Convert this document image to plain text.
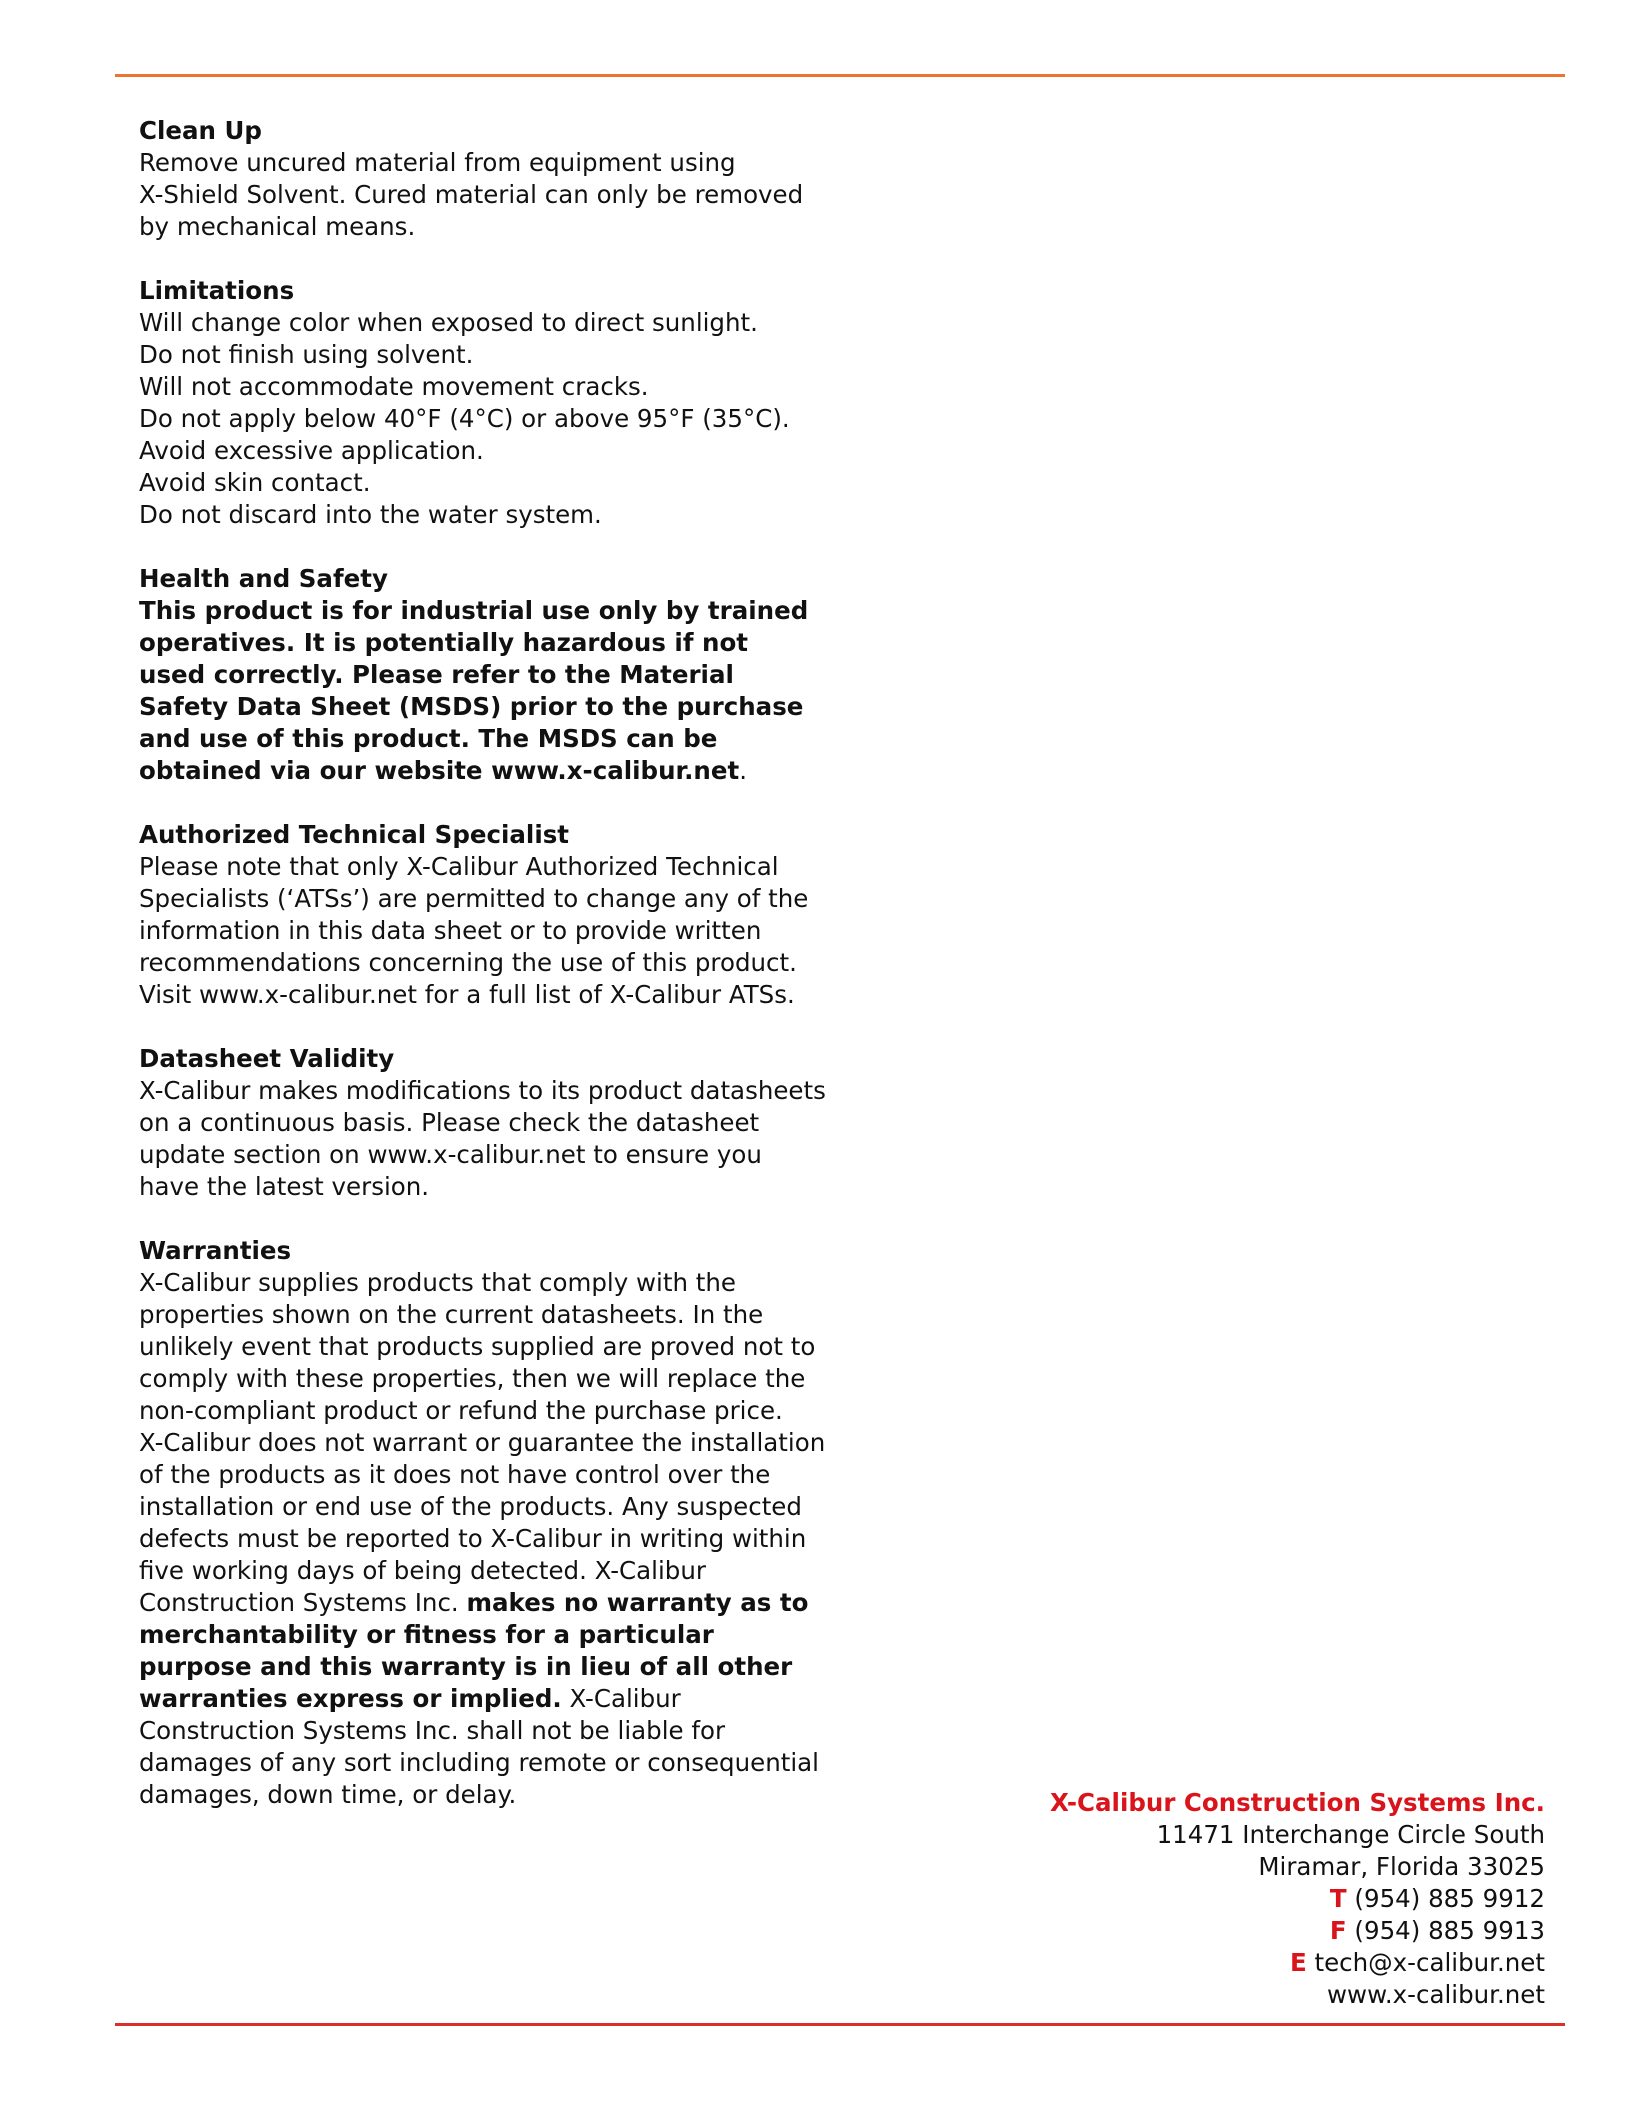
Clean Up
Remove uncured material from equipment using
X-Shield Solvent. Cured material can only be removed
by mechanical means.
Limitations
Will change color when exposed to direct sunlight.
Do not finish using solvent.
Will not accommodate movement cracks.
Do not apply below 40°F (4°C) or above 95°F (35°C).
Avoid excessive application.
Avoid skin contact.
Do not discard into the water system.
Health and Safety
This product is for industrial use only by trained
operatives. It is potentially hazardous if not
used correctly. Please refer to the Material
Safety Data Sheet (MSDS) prior to the purchase
and use of this product. The MSDS can be
obtained via our website www.x-calibur.net.
Authorized Technical Specialist
Please note that only X-Calibur Authorized Technical
Specialists (‘ATSs’) are permitted to change any of the
information in this data sheet or to provide written
recommendations concerning the use of this product.
Visit www.x-calibur.net for a full list of X-Calibur ATSs.
Datasheet Validity
X-Calibur makes modifications to its product datasheets
on a continuous basis. Please check the datasheet
update section on www.x-calibur.net to ensure you
have the latest version.
Warranties
X-Calibur supplies products that comply with the
properties shown on the current datasheets. In the
unlikely event that products supplied are proved not to
comply with these properties, then we will replace the
non-compliant product or refund the purchase price.
X-Calibur does not warrant or guarantee the installation
of the products as it does not have control over the
installation or end use of the products. Any suspected
defects must be reported to X-Calibur in writing within
five working days of being detected. X-Calibur
Construction Systems Inc. makes no warranty as to
merchantability or fitness for a particular
purpose and this warranty is in lieu of all other
warranties express or implied. X-Calibur
Construction Systems Inc. shall not be liable for
damages of any sort including remote or consequential
damages, down time, or delay.	X-Calibur Construction Systems Inc.
11471 Interchange Circle South
Miramar, Florida 33025
T (954) 885 9912
F (954) 885 9913
E tech@x-calibur.net
www.x-calibur.net
